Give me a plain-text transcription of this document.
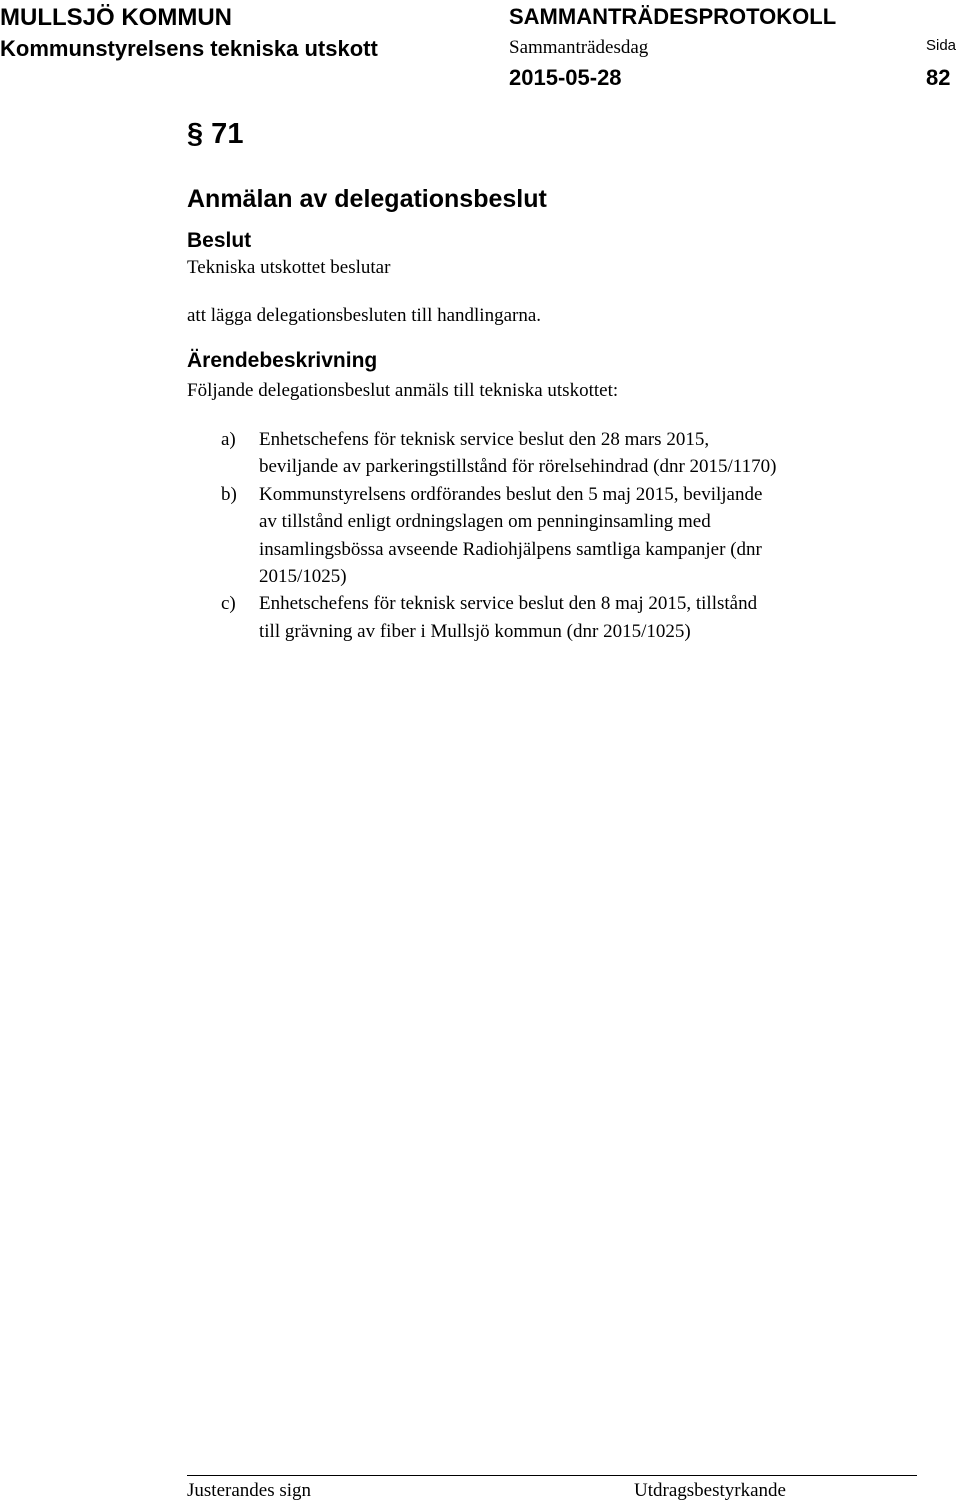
MULLSJÖ KOMMUN
Kommunstyrelsens tekniska utskott
SAMMANTRÄDESPROTOKOLL
Sammanträdesdag
2015-05-28
Sida
82
§ 71
Anmälan av delegationsbeslut
Beslut
Tekniska utskottet beslutar
att lägga delegationsbesluten till handlingarna.
Ärendebeskrivning
Följande delegationsbeslut anmäls till tekniska utskottet:
a) Enhetschefens för teknisk service beslut den 28 mars 2015,
beviljande av parkeringstillstånd för rörelsehindrad (dnr 2015/1170)
b) Kommunstyrelsens ordförandes beslut den 5 maj 2015, beviljande
av tillstånd enligt ordningslagen om penninginsamling med
insamlingsbössa avseende Radiohjälpens samtliga kampanjer (dnr
2015/1025)
c) Enhetschefens för teknisk service beslut den 8 maj 2015, tillstånd
till grävning av fiber i Mullsjö kommun (dnr 2015/1025)
Justerandes sign	Utdragsbestyrkande
